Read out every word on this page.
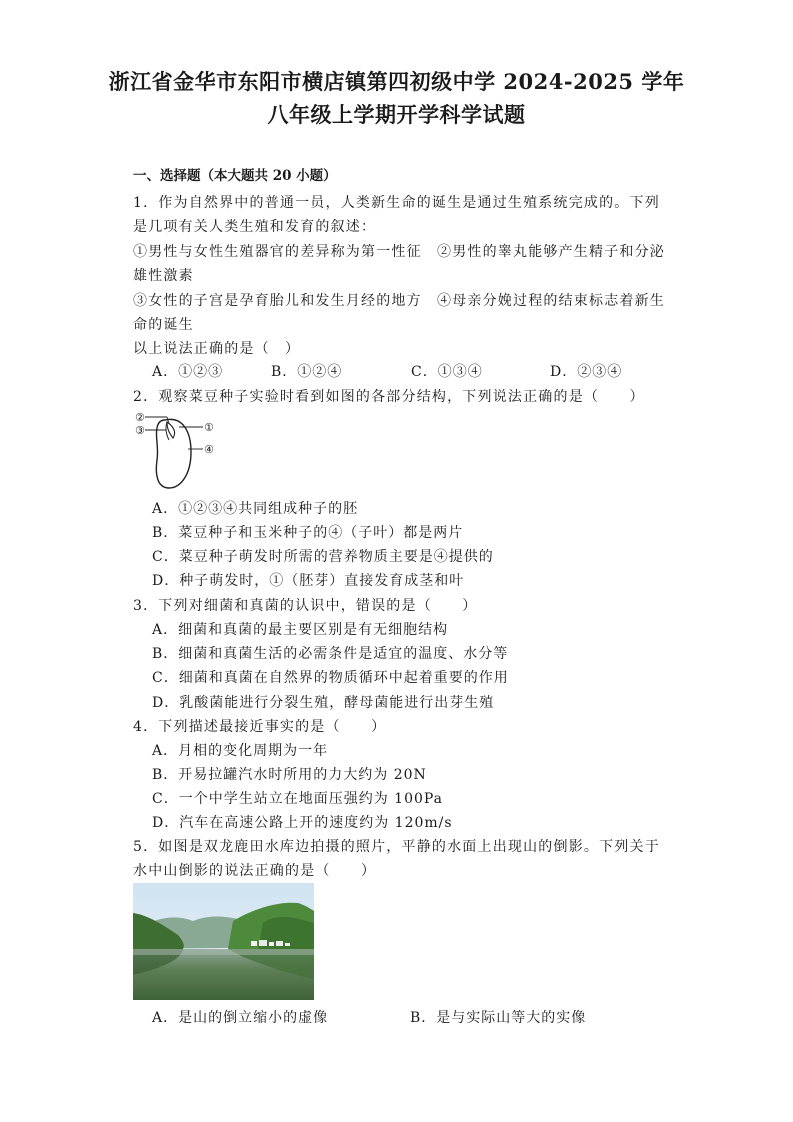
浙江省金华市东阳市横店镇第四初级中学 2024-2025 学年
八年级上学期开学科学试题
一、选择题（本大题共 20 小题）
1．作为自然界中的普通一员，人类新生命的诞生是通过生殖系统完成的。下列
是几项有关人类生殖和发育的叙述：
①男性与女性生殖器官的差异称为第一性征　②男性的睾丸能够产生精子和分泌
雄性激素
③女性的子宫是孕育胎儿和发生月经的地方　④母亲分娩过程的结束标志着新生
命的诞生
以上说法正确的是（　）
A．①②③	B．①②④	C．①③④	D．②③④
2．观察菜豆种子实验时看到如图的各部分结构，下列说法正确的是（　　）
②
③	①
④
A．①②③④共同组成种子的胚
B．菜豆种子和玉米种子的④（子叶）都是两片
C．菜豆种子萌发时所需的营养物质主要是④提供的
D．种子萌发时，①（胚芽）直接发育成茎和叶
3．下列对细菌和真菌的认识中，错误的是（　　）
A．细菌和真菌的最主要区别是有无细胞结构
B．细菌和真菌生活的必需条件是适宜的温度、水分等
C．细菌和真菌在自然界的物质循环中起着重要的作用
D．乳酸菌能进行分裂生殖，酵母菌能进行出芽生殖
4．下列描述最接近事实的是（　　）
A．月相的变化周期为一年
B．开易拉罐汽水时所用的力大约为 20N
C．一个中学生站立在地面压强约为 100Pa
D．汽车在高速公路上开的速度约为 120m/s
5．如图是双龙鹿田水库边拍摄的照片，平静的水面上出现山的倒影。下列关于
水中山倒影的说法正确的是（　　）
A．是山的倒立缩小的虚像	B．是与实际山等大的实像
